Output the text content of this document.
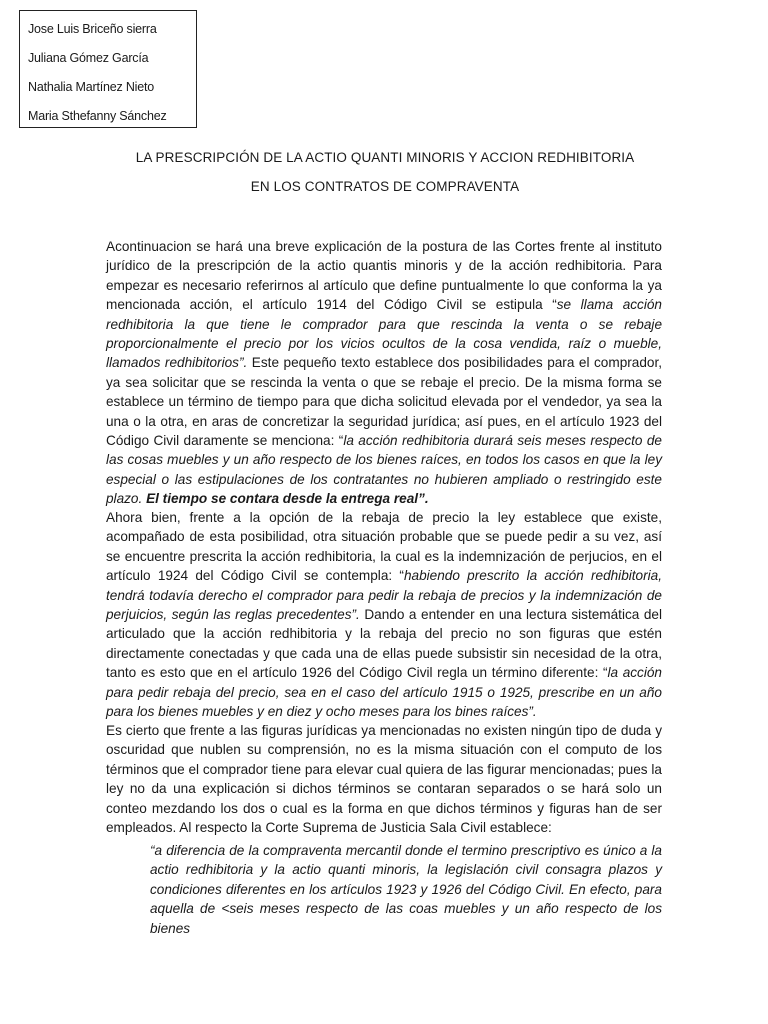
Jose Luis Briceño sierra
Juliana Gómez García
Nathalia Martínez Nieto
Maria Sthefanny Sánchez
LA PRESCRIPCIÓN DE LA ACTIO QUANTI MINORIS Y ACCION REDHIBITORIA
EN LOS CONTRATOS DE COMPRAVENTA
Acontinuacion se hará una breve explicación de la postura de las Cortes frente al instituto jurídico de la prescripción de la actio quantis minoris y de la acción redhibitoria. Para empezar es necesario referirnos al artículo que define puntualmente lo que conforma la ya mencionada acción, el artículo 1914 del Código Civil se estipula “se llama acción redhibitoria la que tiene le comprador para que rescinda la venta o se rebaje proporcionalmente el precio por los vicios ocultos de la cosa vendida, raíz o mueble, llamados redhibitorios”. Este pequeño texto establece dos posibilidades para el comprador, ya sea solicitar que se rescinda la venta o que se rebaje el precio. De la misma forma se establece un término de tiempo para que dicha solicitud elevada por el vendedor, ya sea la una o la otra, en aras de concretizar la seguridad jurídica; así pues, en el artículo 1923 del Código Civil daramente se menciona: “la acción redhibitoria durará seis meses respecto de las cosas muebles y un año respecto de los bienes raíces, en todos los casos en que la ley especial o las estipulaciones de los contratantes no hubieren ampliado o restringido este plazo. El tiempo se contara desde la entrega real”.
Ahora bien, frente a la opción de la rebaja de precio la ley establece que existe, acompañado de esta posibilidad, otra situación probable que se puede pedir a su vez, así se encuentre prescrita la acción redhibitoria, la cual es la indemnización de perjucios, en el artículo 1924 del Código Civil se contempla: “habiendo prescrito la acción redhibitoria, tendrá todavía derecho el comprador para pedir la rebaja de precios y la indemnización de perjuicios, según las reglas precedentes”. Dando a entender en una lectura sistemática del articulado que la acción redhibitoria y la rebaja del precio no son figuras que estén directamente conectadas y que cada una de ellas puede subsistir sin necesidad de la otra, tanto es esto que en el artículo 1926 del Código Civil regla un término diferente: “la acción para pedir rebaja del precio, sea en el caso del artículo 1915 o 1925, prescribe en un año para los bienes muebles y en diez y ocho meses para los bines raíces”.
Es cierto que frente a las figuras jurídicas ya mencionadas no existen ningún tipo de duda y oscuridad que nublen su comprensión, no es la misma situación con el computo de los términos que el comprador tiene para elevar cual quiera de las figurar mencionadas; pues la ley no da una explicación si dichos términos se contaran separados o se hará solo un conteo mezdando los dos o cual es la forma en que dichos términos y figuras han de ser empleados. Al respecto la Corte Suprema de Justicia Sala Civil establece:
“a diferencia de la compraventa mercantil donde el termino prescriptivo es único a la actio redhibitoria y la actio quanti minoris, la legislación civil consagra plazos y condiciones diferentes en los artículos 1923 y 1926 del Código Civil. En efecto, para aquella de <seis meses respecto de las coas muebles y un año respecto de los bienes
